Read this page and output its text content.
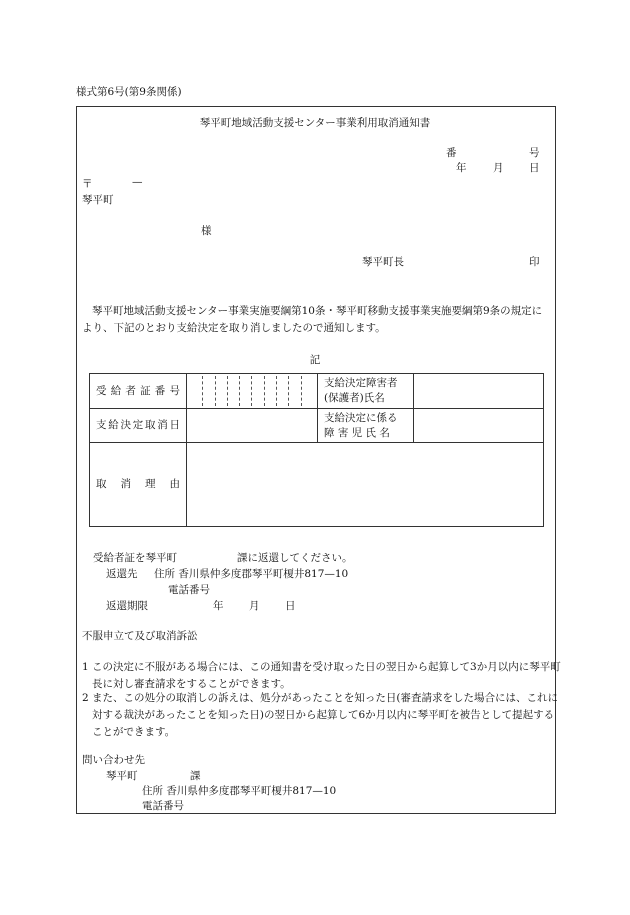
様式第6号(第9条関係)
琴平町地域活動支援センター事業利用取消通知書
番	号
年	月 日
〒	—
琴平町
様
琴平町長	印
琴平町地域活動支援センター事業実施要綱第10条・琴平町移動支援事業実施要綱第9条の規定により、下記のとおり支給決定を取り消しましたので通知します。
記
受 給 者 証 番 号		支給決定障害者
(保護者)氏名	

支給決定取消日		支給決定に係る
障 害 児 氏 名	

取 消 理 由			

受給者証を琴平町	課に返還してください。
返還先 住所 香川県仲多度郡琴平町榎井817—10
電話番号
返還期限	年 月 日
不服申立て及び取消訴訟
1 この決定に不服がある場合には、この通知書を受け取った日の翌日から起算して3か月以内に琴平町長に対し審査請求をすることができます。
2 また、この処分の取消しの訴えは、処分があったことを知った日(審査請求をした場合には、これに対する裁決があったことを知った日)の翌日から起算して6か月以内に琴平町を被告として提起することができます。
問い合わせ先
琴平町	課
住所 香川県仲多度郡琴平町榎井817—10
電話番号
